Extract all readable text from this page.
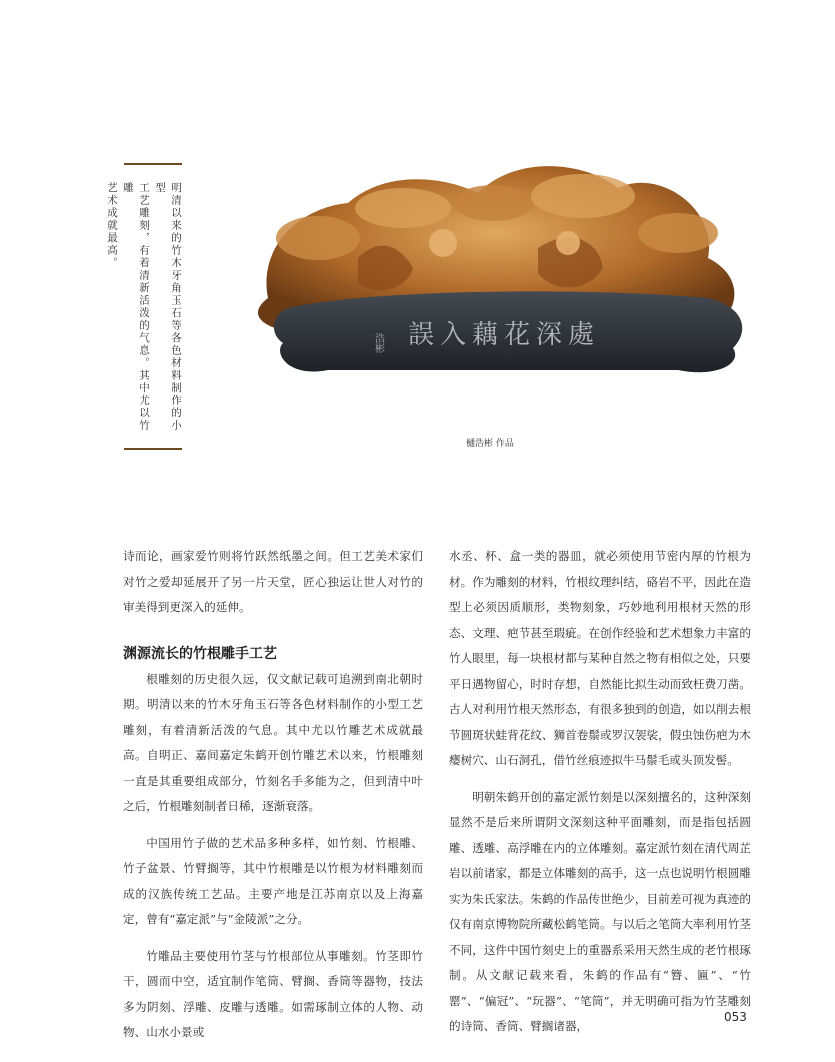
明清以来的竹木牙角玉石等各色材料制作的小型

工艺雕刻，有着清新活泼的气息。其中尤以竹雕

艺术成就最高。

誤入藕花深處
浩彬
樋浩彬 作品

诗而论，画家爱竹则将竹跃然纸墨之间。但工艺美术家们对竹之爱却延展开了另一片天堂，匠心独运让世人对竹的审美得到更深入的延伸。

渊源流长的竹根雕手工艺

根雕刻的历史很久远，仅文献记载可追溯到南北朝时期。明清以来的竹木牙角玉石等各色材料制作的小型工艺雕刻，有着清新活泼的气息。其中尤以竹雕艺术成就最高。自明正、嘉间嘉定朱鹤开创竹雕艺术以来，竹根雕刻一直是其重要组成部分，竹刻名手多能为之，但到清中叶之后，竹根雕刻制者日稀，逐渐衰落。

中国用竹子做的艺术品多种多样，如竹刻、竹根雕、竹子盆景、竹臂搁等，其中竹根雕是以竹根为材料雕刻而成的汉族传统工艺品。主要产地是江苏南京以及上海嘉定，曾有“嘉定派”与“金陵派”之分。

竹雕品主要使用竹茎与竹根部位从事雕刻。竹茎即竹干，圆而中空，适宜制作笔筒、臂搁、香筒等器物，技法多为阴刻、浮雕、皮雕与透雕。如需琢制立体的人物、动物、山水小景或

水丞、杯、盒一类的器皿，就必须使用节密内厚的竹根为材。作为雕刻的材料，竹根纹理纠结，硌岩不平，因此在造型上必须因质顺形，类物刻象，巧妙地利用根材天然的形态、文理、疤节甚至瑕疵。在创作经验和艺术想象力丰富的竹人眼里，每一块根材都与某种自然之物有相似之处，只要平日遇物留心，时时存想，自然能比拟生动而致枉费刀凿。古人对利用竹根天然形态，有很多独到的创造，如以削去根节圆斑状蛙背花纹、狮首卷鬃或罗汉袈裟，假虫蚀伤疤为木瘿树穴、山石洞孔，借竹丝痕迹拟牛马鬃毛或头顶发髻。

明朝朱鹤开创的嘉定派竹刻是以深刻擅名的，这种深刻显然不是后来所谓阴文深刻这种平面雕刻，而是指包括圆雕、透雕、高浮雕在内的立体雕刻。嘉定派竹刻在清代周芷岩以前诸家，都是立体雕刻的高手，这一点也说明竹根圆雕实为朱氏家法。朱鹤的作品传世绝少，目前差可视为真迹的仅有南京博物院所藏松鹤笔筒。与以后之笔筒大率利用竹茎不同，这件中国竹刻史上的重器系采用天然生成的老竹根琢制。从文献记载来看，朱鹤的作品有“簪、匾”、“竹罂”、“偏冠”、“玩器”、“笔筒”，并无明确可指为竹茎雕刻的诗筒、香筒、臂搁诸器，

053
